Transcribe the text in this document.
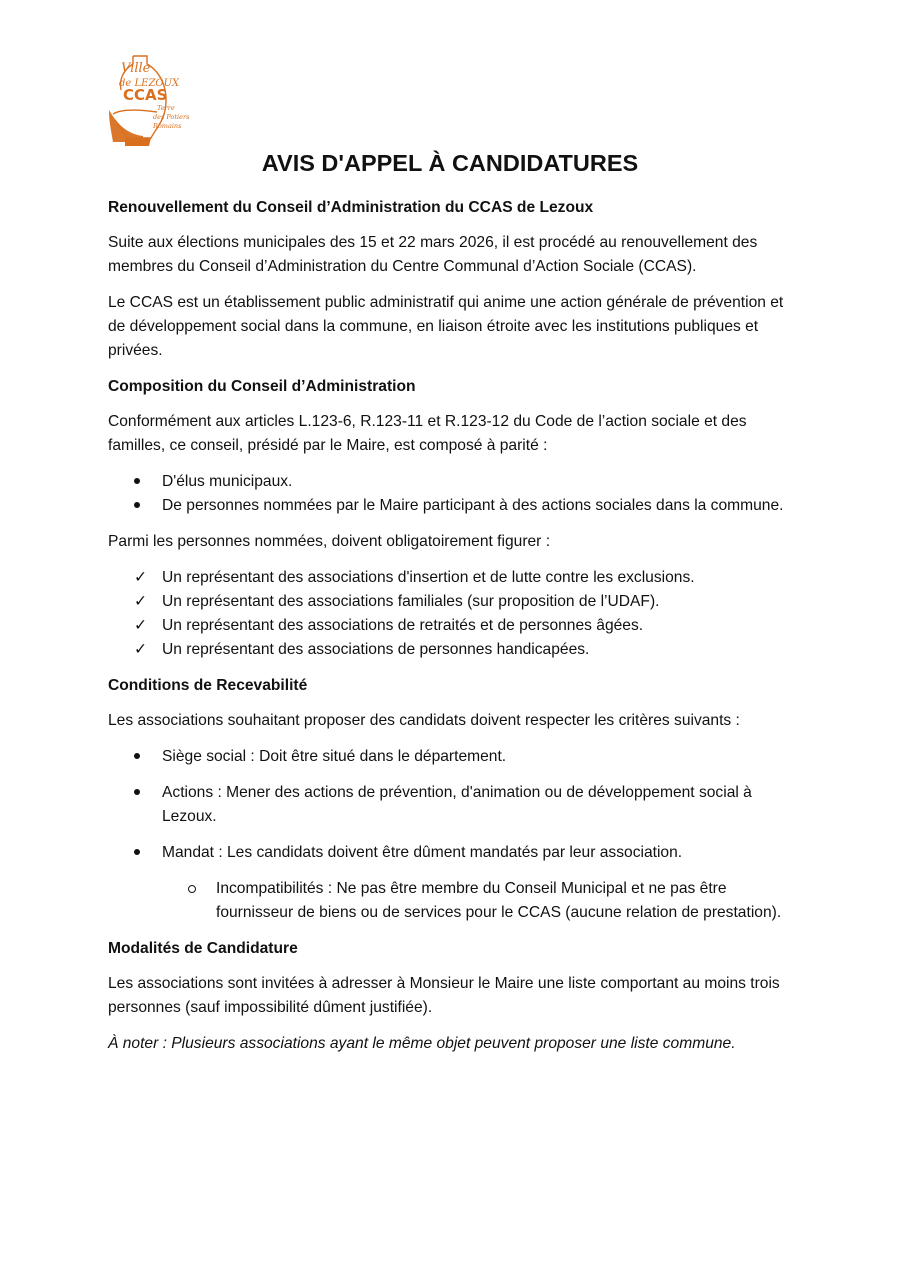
Ville
de LEZOUX
CCAS
Terre
des Potiers
Romains
AVIS D'APPEL À CANDIDATURES
Renouvellement du Conseil d’Administration du CCAS de Lezoux

Suite aux élections municipales des 15 et 22 mars 2026, il est procédé au renouvellement des membres du Conseil d’Administration du Centre Communal d’Action Sociale (CCAS).

Le CCAS est un établissement public administratif qui anime une action générale de prévention et de développement social dans la commune, en liaison étroite avec les institutions publiques et privées.

Composition du Conseil d’Administration

Conformément aux articles L.123-6, R.123-11 et R.123-12 du Code de l’action sociale et des familles, ce conseil, présidé par le Maire, est composé à parité :

D'élus municipaux.
De personnes nommées par le Maire participant à des actions sociales dans la commune.

Parmi les personnes nommées, doivent obligatoirement figurer :

✓ Un représentant des associations d'insertion et de lutte contre les exclusions.
✓ Un représentant des associations familiales (sur proposition de l’UDAF).
✓ Un représentant des associations de retraités et de personnes âgées.
✓ Un représentant des associations de personnes handicapées.
Conditions de Recevabilité

Les associations souhaitant proposer des candidats doivent respecter les critères suivants :

Siège social : Doit être situé dans le département.
Actions : Mener des actions de prévention, d'animation ou de développement social à Lezoux.
Mandat : Les candidats doivent être dûment mandatés par leur association.
Incompatibilités : Ne pas être membre du Conseil Municipal et ne pas être fournisseur de biens ou de services pour le CCAS (aucune relation de prestation).
Modalités de Candidature

Les associations sont invitées à adresser à Monsieur le Maire une liste comportant au moins trois personnes (sauf impossibilité dûment justifiée).

À noter : Plusieurs associations ayant le même objet peuvent proposer une liste commune.
